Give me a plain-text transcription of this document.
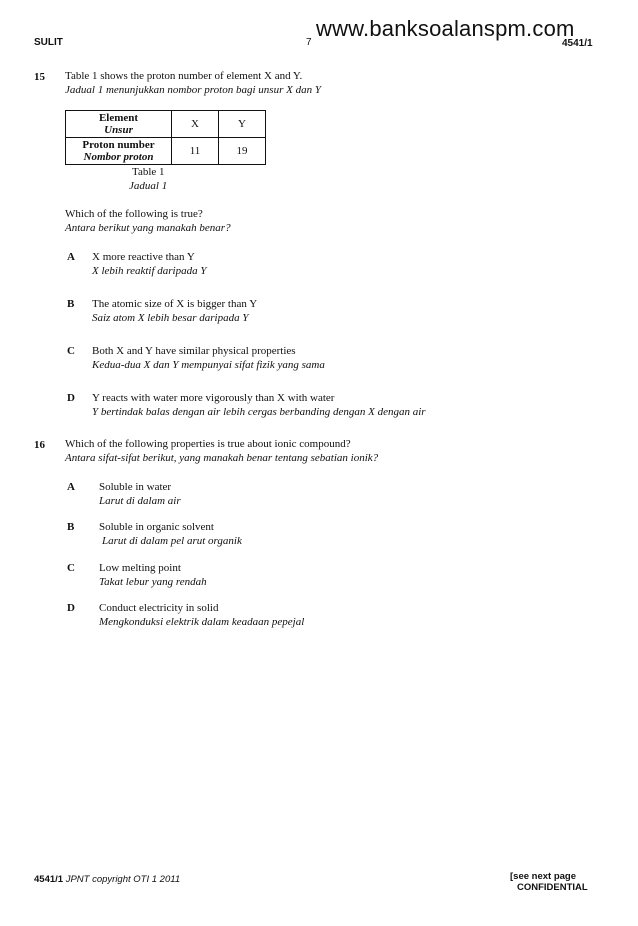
SULIT	7
www.banksoalanspm.com
4541/1
15 Table 1 shows the proton number of element X and Y.
Jadual 1 menunjukkan nombor proton bagi unsur X dan Y
Element
Unsur	X	Y

Proton number
Nombor proton	11	19
Table 1
Jadual 1
Which of the following is true?
Antara berikut yang manakah benar?
A X more reactive than Y
X lebih reaktif daripada Y
B The atomic size of X is bigger than Y
Saiz atom X lebih besar daripada Y
C Both X and Y have similar physical properties
Kedua-dua X dan Y mempunyai sifat fizik yang sama
D Y reacts with water more vigorously than X with water
Y bertindak balas dengan air lebih cergas berbanding dengan X dengan air
16 Which of the following properties is true about ionic compound?
Antara sifat-sifat berikut, yang manakah benar tentang sebatian ionik?
A Soluble in water
Larut di dalam air
B Soluble in organic solvent
Larut di dalam pel arut organik
C Low melting point
Takat lebur yang rendah
D Conduct electricity in solid
Mengkonduksi elektrik dalam keadaan pepejal
4541/1 JPNT copyright OTI 1 2011	[see next page
CONFIDENTIAL
